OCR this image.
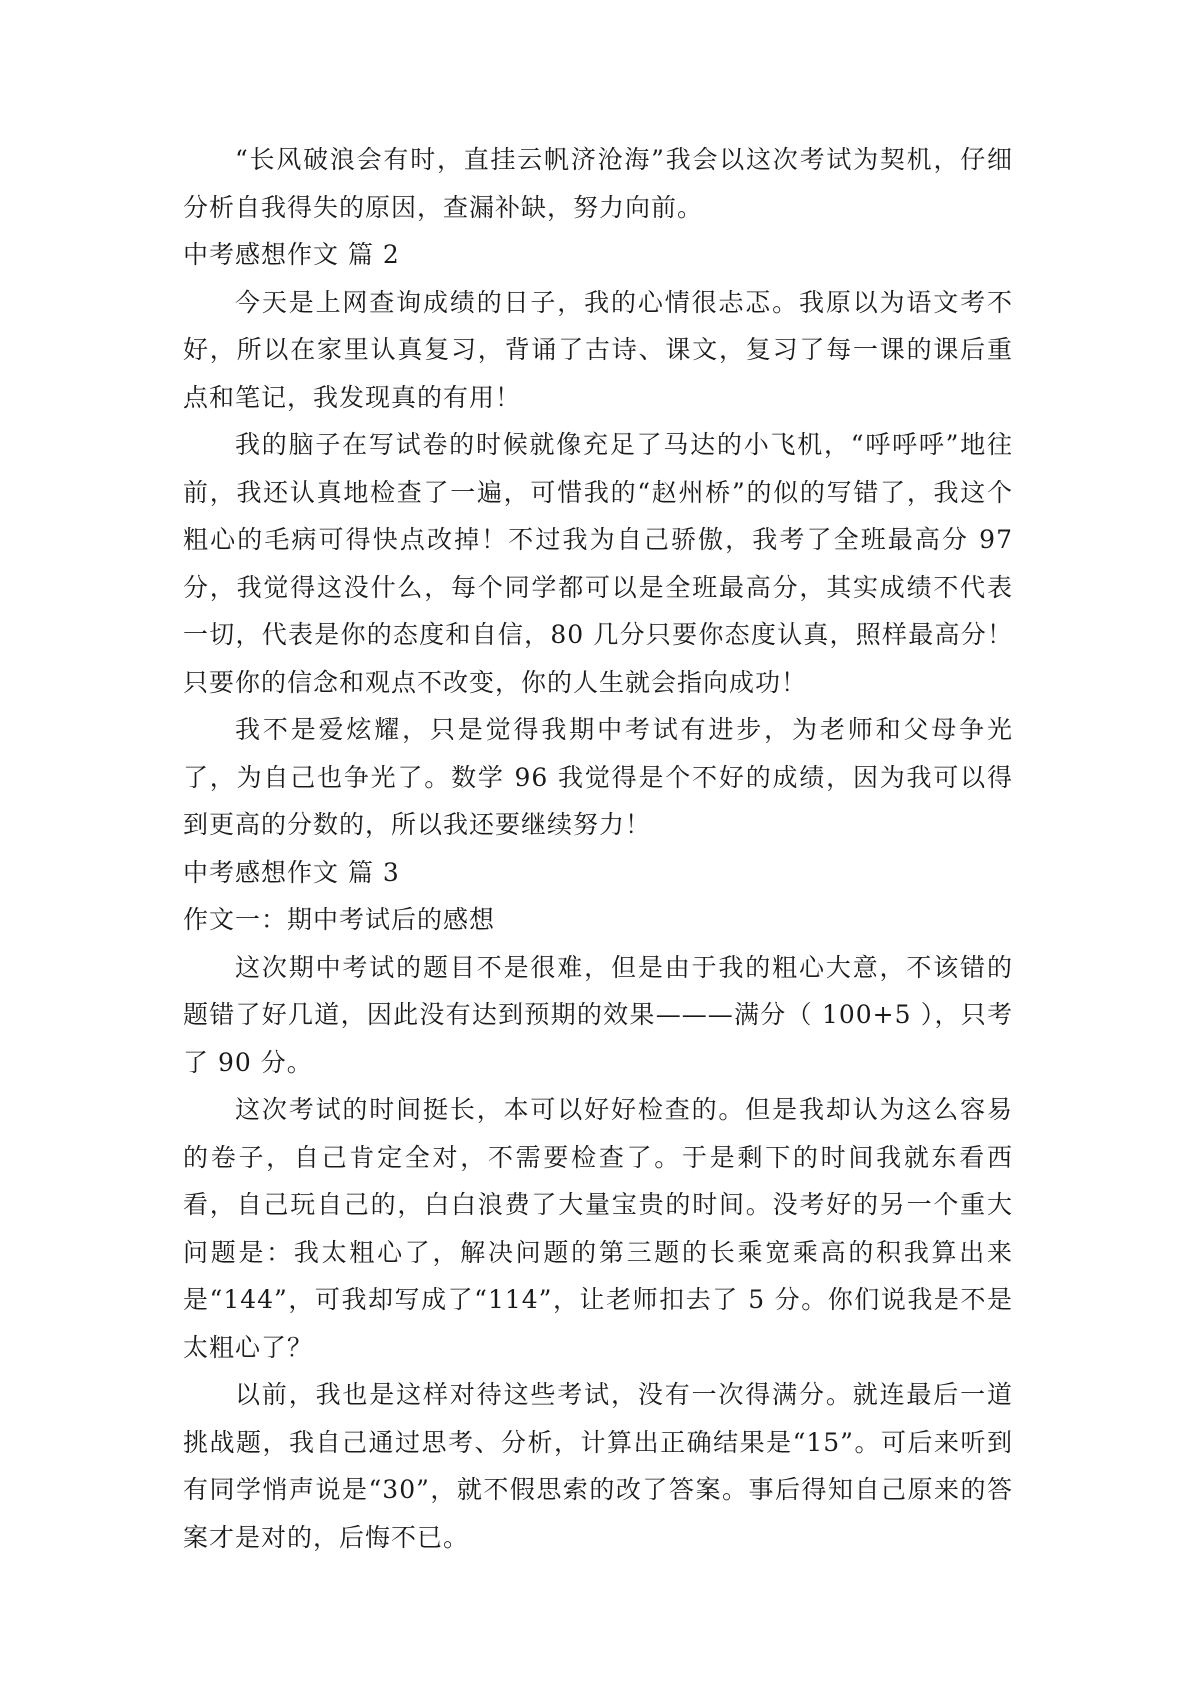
“长风破浪会有时，直挂云帆济沧海”我会以这次考试为契机，仔细分析自我得失的原因，查漏补缺，努力向前。

中考感想作文 篇 2

今天是上网查询成绩的日子，我的心情很忐忑。我原以为语文考不好，所以在家里认真复习，背诵了古诗、课文，复习了每一课的课后重点和笔记，我发现真的有用！

我的脑子在写试卷的时候就像充足了马达的小飞机，“呼呼呼”地往前，我还认真地检查了一遍，可惜我的“赵州桥”的似的写错了，我这个粗心的毛病可得快点改掉！不过我为自己骄傲，我考了全班最高分 97 分，我觉得这没什么，每个同学都可以是全班最高分，其实成绩不代表一切，代表是你的态度和自信，80 几分只要你态度认真，照样最高分！只要你的信念和观点不改变，你的人生就会指向成功！

我不是爱炫耀，只是觉得我期中考试有进步，为老师和父母争光了，为自己也争光了。数学 96 我觉得是个不好的成绩，因为我可以得到更高的分数的，所以我还要继续努力！

中考感想作文 篇 3

作文一：期中考试后的感想

这次期中考试的题目不是很难，但是由于我的粗心大意，不该错的题错了好几道，因此没有达到预期的效果———满分（ 100+5 ），只考了 90 分。

这次考试的时间挺长，本可以好好检查的。但是我却认为这么容易的卷子，自己肯定全对，不需要检查了。于是剩下的时间我就东看西看，自己玩自己的，白白浪费了大量宝贵的时间。没考好的另一个重大问题是：我太粗心了，解决问题的第三题的长乘宽乘高的积我算出来是“144”，可我却写成了“114”，让老师扣去了 5 分。你们说我是不是太粗心了？

以前，我也是这样对待这些考试，没有一次得满分。就连最后一道挑战题，我自己通过思考、分析，计算出正确结果是“15”。可后来听到有同学悄声说是“30”，就不假思索的改了答案。事后得知自己原来的答案才是对的，后悔不已。
